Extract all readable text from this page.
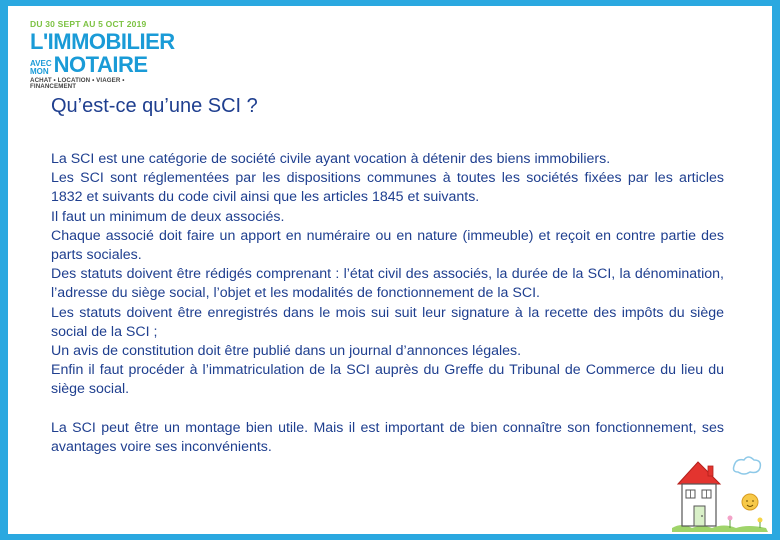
DU 30 SEPT AU 5 OCT 2019
L'IMMOBILIER
AVEC
MON NOTAIRE
ACHAT • LOCATION • VIAGER • FINANCEMENT
Qu’est-ce qu’une SCI ?

La SCI est une catégorie de société civile ayant vocation à détenir des biens immobiliers.

Les SCI sont réglementées par les dispositions communes à toutes les sociétés fixées par les articles 1832 et suivants du code civil ainsi que les articles 1845 et suivants.

Il faut un minimum de deux associés.

Chaque associé doit faire un apport en numéraire ou en nature (immeuble) et reçoit en contre partie des parts sociales.

Des statuts doivent être rédigés comprenant : l’état civil des associés, la durée de la SCI, la dénomination, l’adresse du siège social, l’objet et les modalités de fonctionnement de la SCI.

Les statuts doivent être enregistrés dans le mois sui suit leur signature à la recette des impôts du siège social de la SCI ;

Un avis de constitution doit être publié dans un journal d’annonces légales.

Enfin il faut procéder à l’immatriculation de la SCI auprès du Greffe du Tribunal de Commerce du lieu du siège social.

La SCI peut être un montage bien utile. Mais il est important de bien connaître son fonctionnement, ses avantages voire ses inconvénients.
